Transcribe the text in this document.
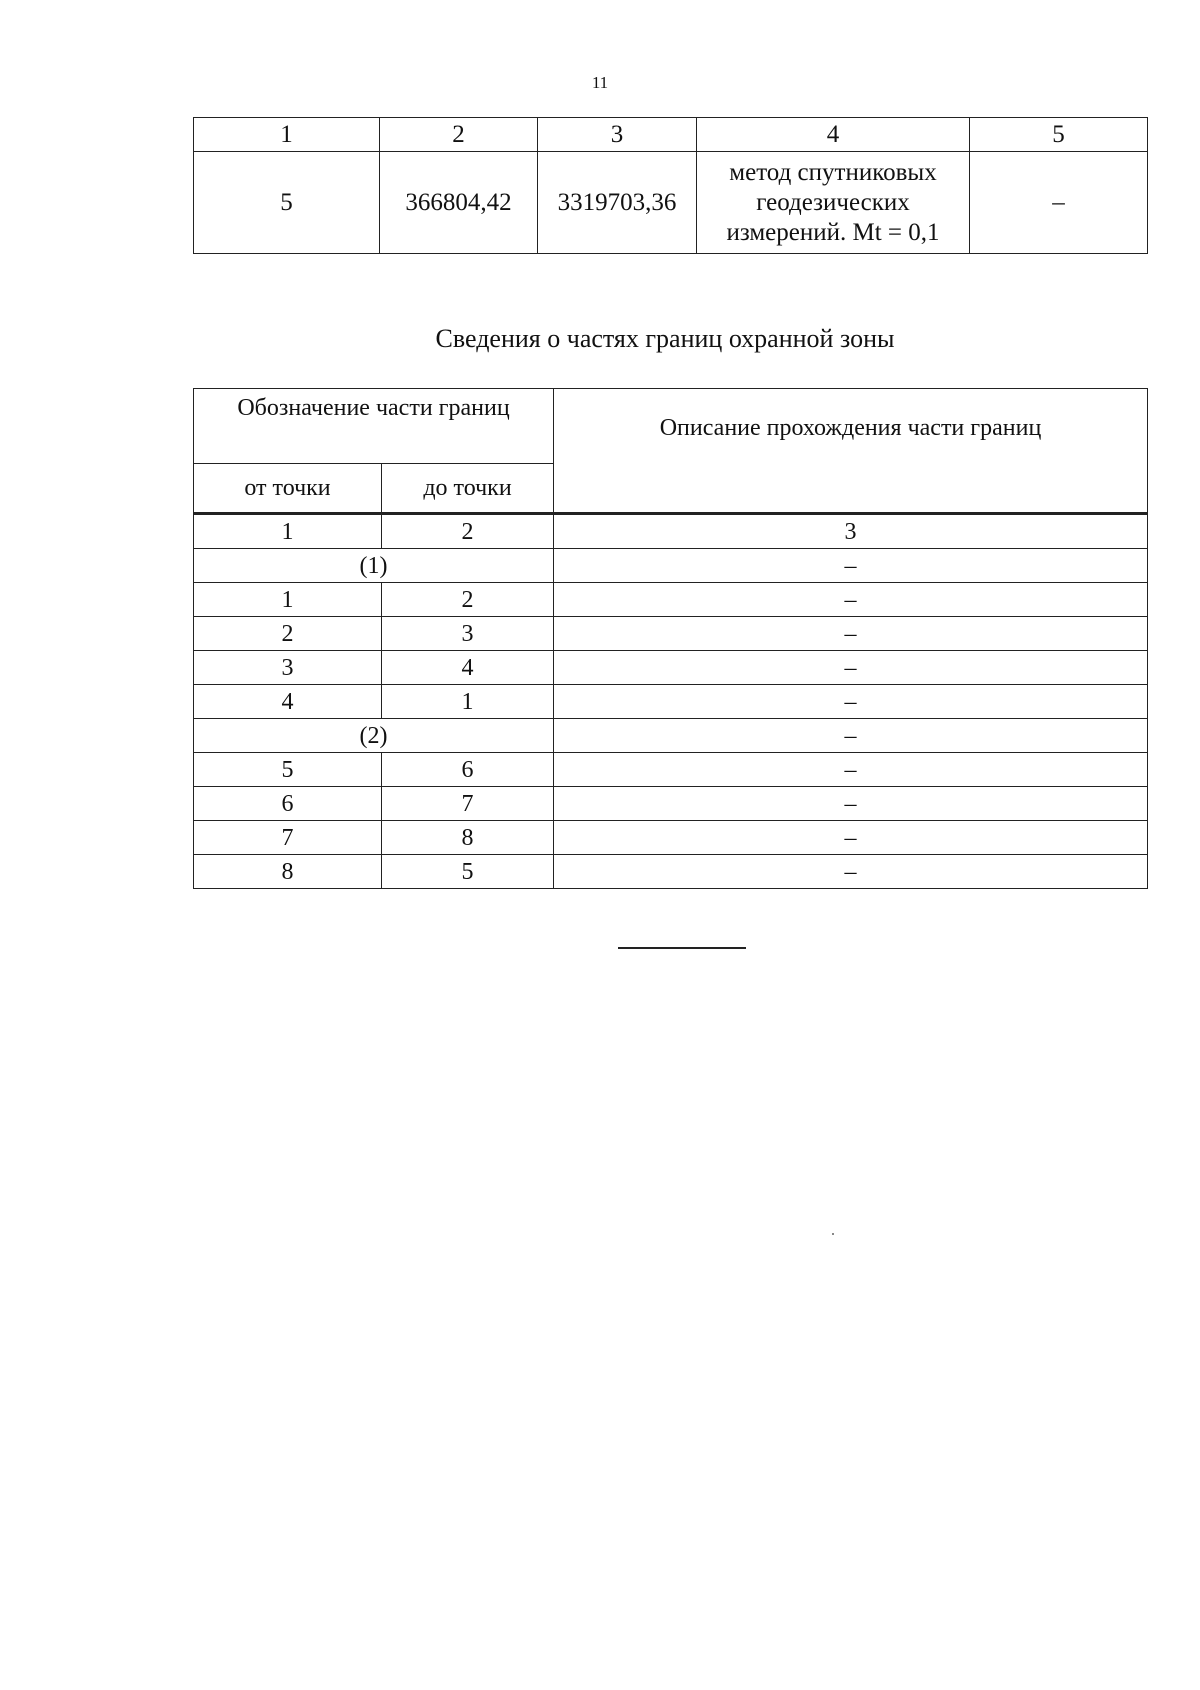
11
1	2	3	4	5
5	366804,42	3319703,36	метод спутниковых
геодезических
измерений. Mt = 0,1	–
Сведения о частях границ охранной зоны
Обозначение части границ		Описание прохождения части границ
от точки	до точки	
1	2	3
(1)		–
1	2	–
2	3	–
3	4	–
4	1	–
(2)		–
5	6	–
6	7	–
7	8	–
8	5	–
